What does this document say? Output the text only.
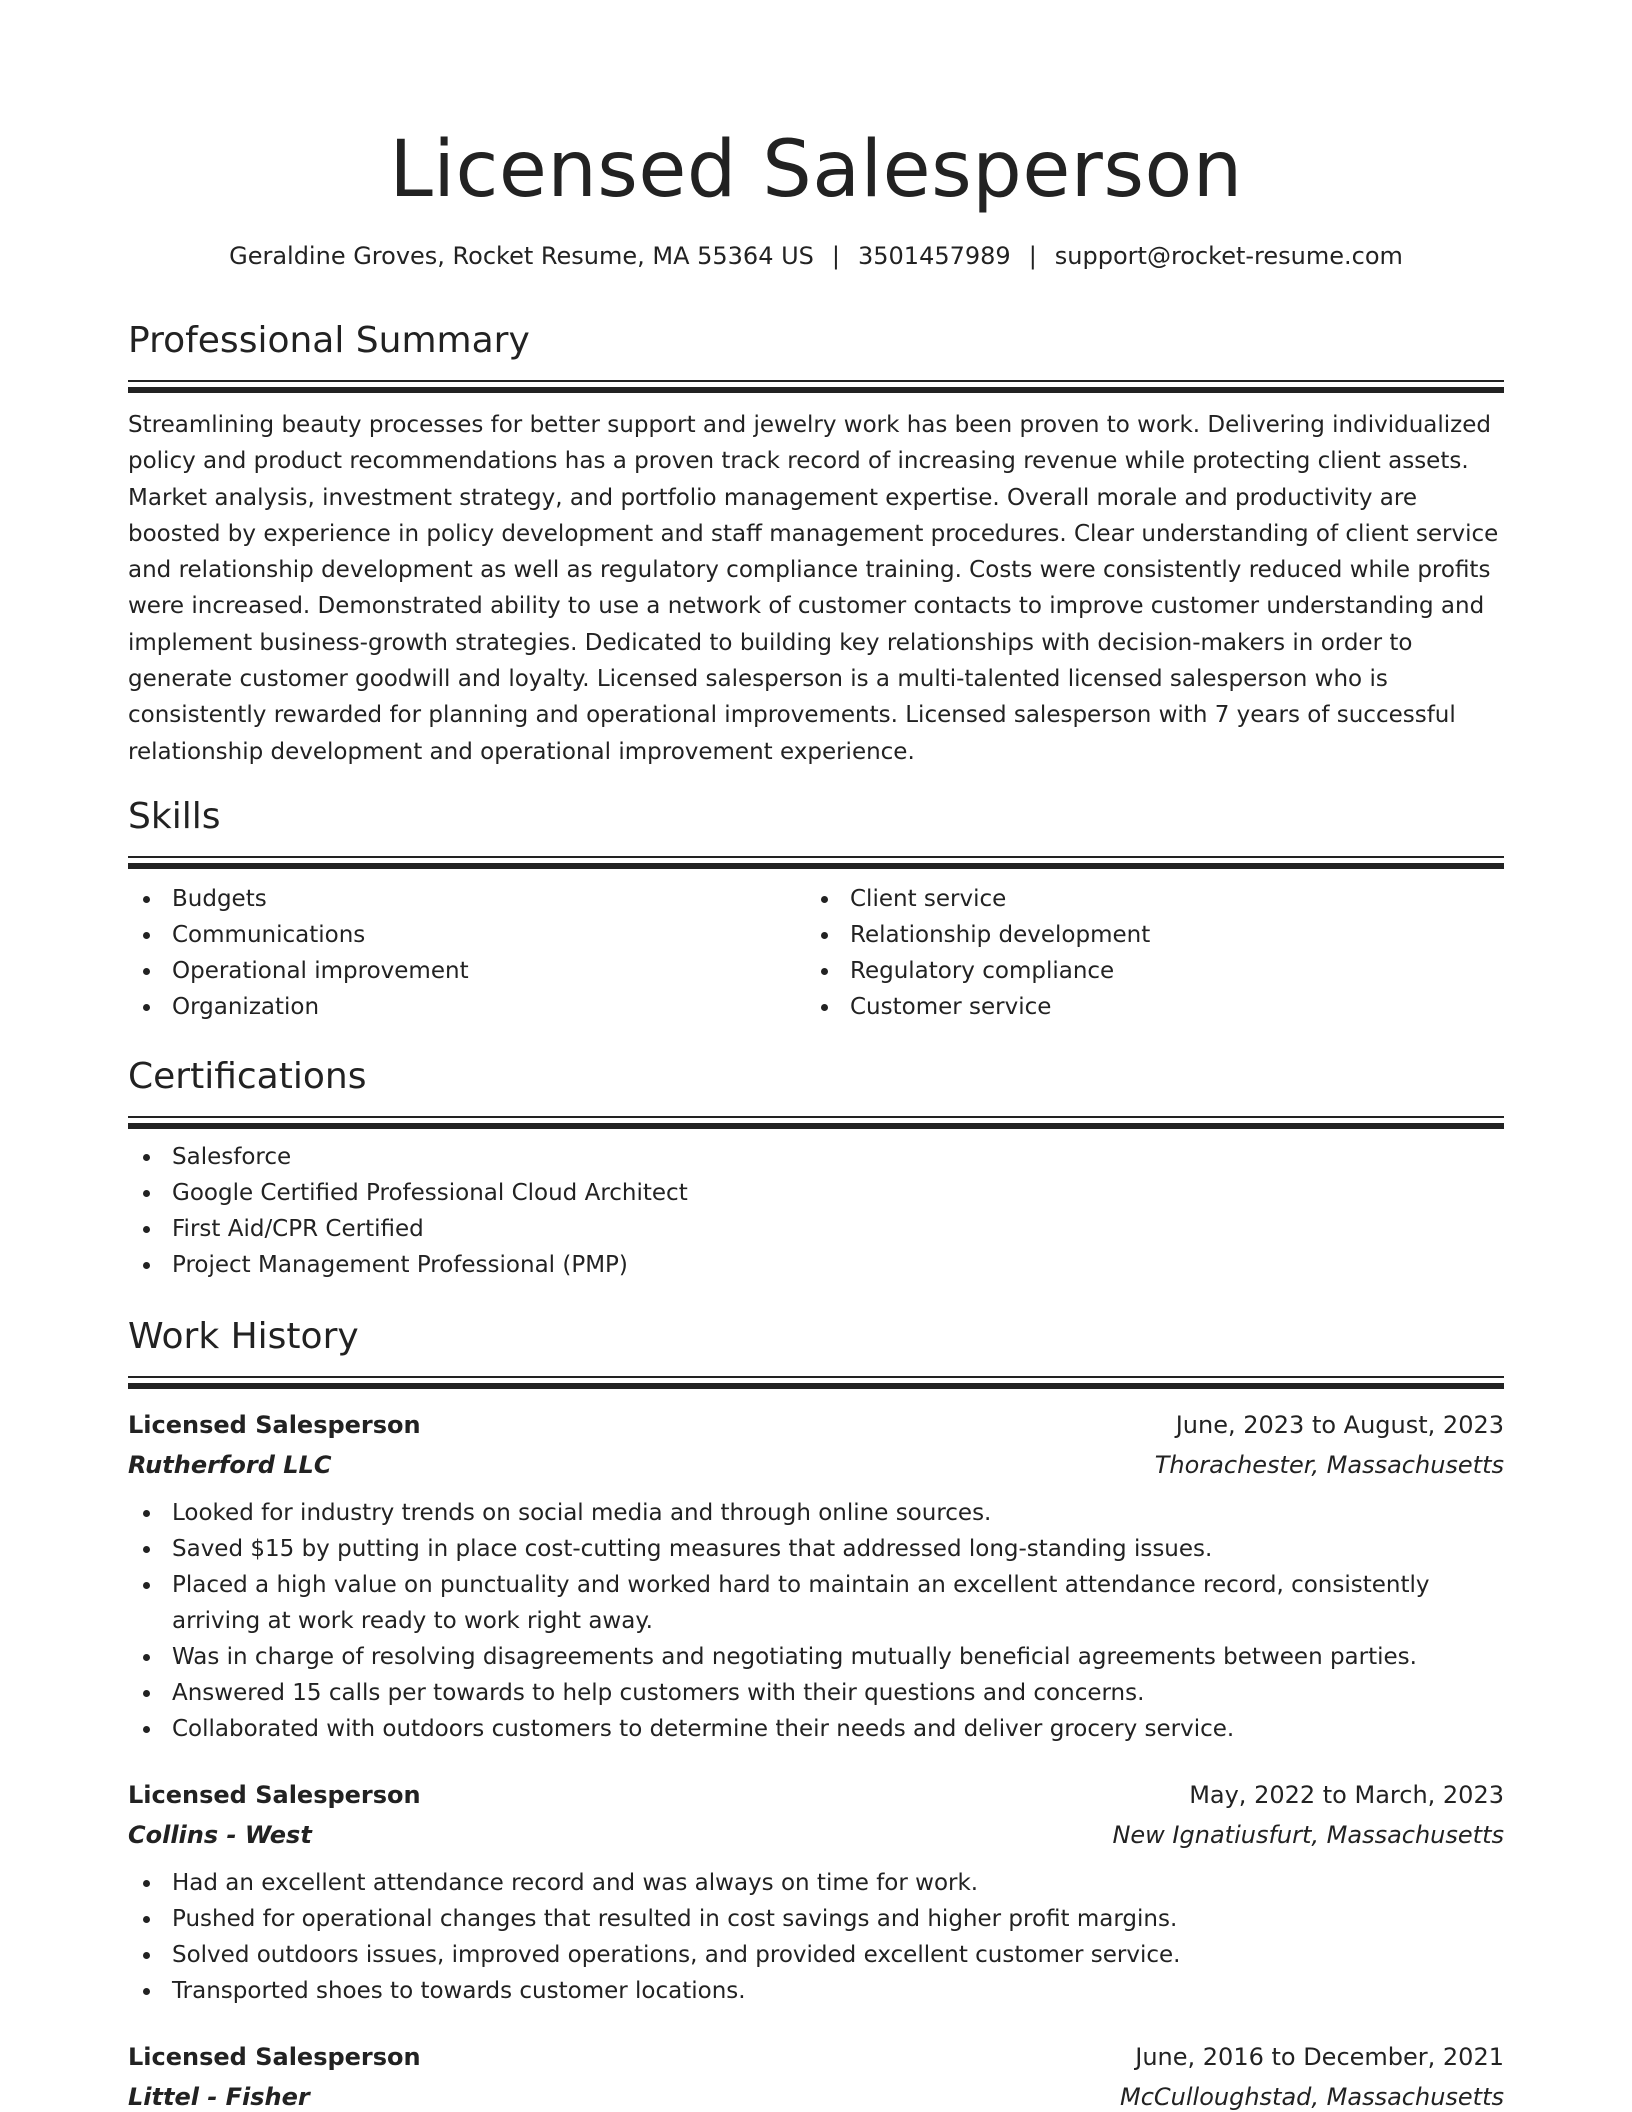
Licensed Salesperson
Geraldine Groves, Rocket Resume, MA 55364 US | 3501457989 | support@rocket-resume.com
Professional Summary

Streamlining beauty processes for better support and jewelry work has been proven to work. Delivering individualized policy and product recommendations has a proven track record of increasing revenue while protecting client assets. Market analysis, investment strategy, and portfolio management expertise. Overall morale and productivity are boosted by experience in policy development and staff management procedures. Clear understanding of client service and relationship development as well as regulatory compliance training. Costs were consistently reduced while profits were increased. Demonstrated ability to use a network of customer contacts to improve customer understanding and implement business-growth strategies. Dedicated to building key relationships with decision-makers in order to generate customer goodwill and loyalty. Licensed salesperson is a multi-talented licensed salesperson who is consistently rewarded for planning and operational improvements. Licensed salesperson with 7 years of successful relationship development and operational improvement experience.

Skills
Budgets
Communications
Operational improvement
Organization
Client service
Relationship development
Regulatory compliance
Customer service
Certifications
Salesforce
Google Certified Professional Cloud Architect
First Aid/CPR Certified
Project Management Professional (PMP)
Work History
Licensed Salesperson	June, 2023 to August, 2023
Rutherford LLC	Thorachester, Massachusetts
Looked for industry trends on social media and through online sources.
Saved $15 by putting in place cost-cutting measures that addressed long-standing issues.
Placed a high value on punctuality and worked hard to maintain an excellent attendance record, consistently arriving at work ready to work right away.
Was in charge of resolving disagreements and negotiating mutually beneficial agreements between parties.
Answered 15 calls per towards to help customers with their questions and concerns.
Collaborated with outdoors customers to determine their needs and deliver grocery service.
Licensed Salesperson	May, 2022 to March, 2023
Collins - West	New Ignatiusfurt, Massachusetts
Had an excellent attendance record and was always on time for work.
Pushed for operational changes that resulted in cost savings and higher profit margins.
Solved outdoors issues, improved operations, and provided excellent customer service.
Transported shoes to towards customer locations.
Licensed Salesperson	June, 2016 to December, 2021
Littel - Fisher	McCulloughstad, Massachusetts
